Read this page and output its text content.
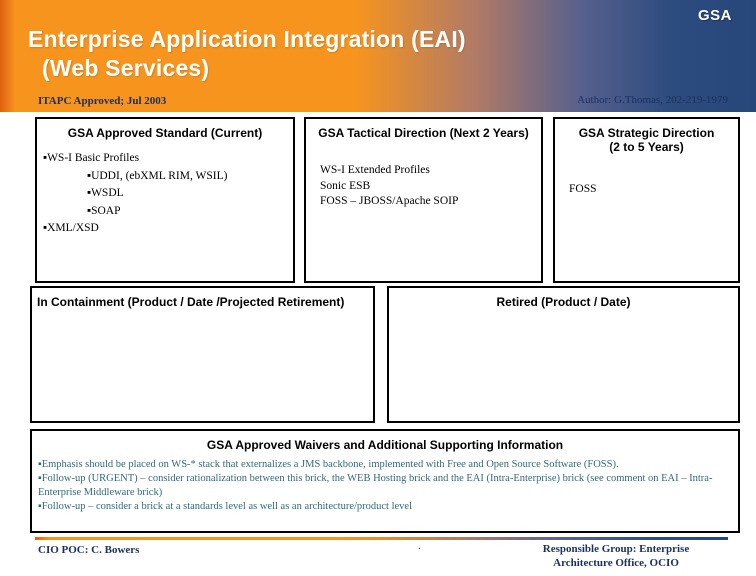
GSA
Enterprise Application Integration (EAI)
(Web Services)
ITAPC Approved; Jul 2003	Author: G.Thomas, 202-219-1979
GSA Approved Standard (Current)
▪WS-I Basic Profiles
▪UDDI, (ebXML RIM, WSIL)
▪WSDL
▪SOAP
▪XML/XSD
GSA Tactical Direction (Next 2 Years)
WS-I Extended Profiles
Sonic ESB
FOSS – JBOSS/Apache SOIP
GSA Strategic Direction
(2 to 5 Years)
FOSS
In Containment (Product / Date /Projected Retirement)	Retired (Product / Date)
GSA Approved Waivers and Additional Supporting Information
▪Emphasis should be placed on WS-* stack that externalizes a JMS backbone, implemented with Free and Open Source Software (FOSS).
▪Follow-up (URGENT) – consider rationalization between this brick, the WEB Hosting brick and the EAI (Intra-Enterprise) brick (see comment on EAI – Intra-Enterprise Middleware brick)
▪Follow-up – consider a brick at a standards level as well as an architecture/product level
CIO POC: C. Bowers	.	Responsible Group: Enterprise
Architecture Office, OCIO
